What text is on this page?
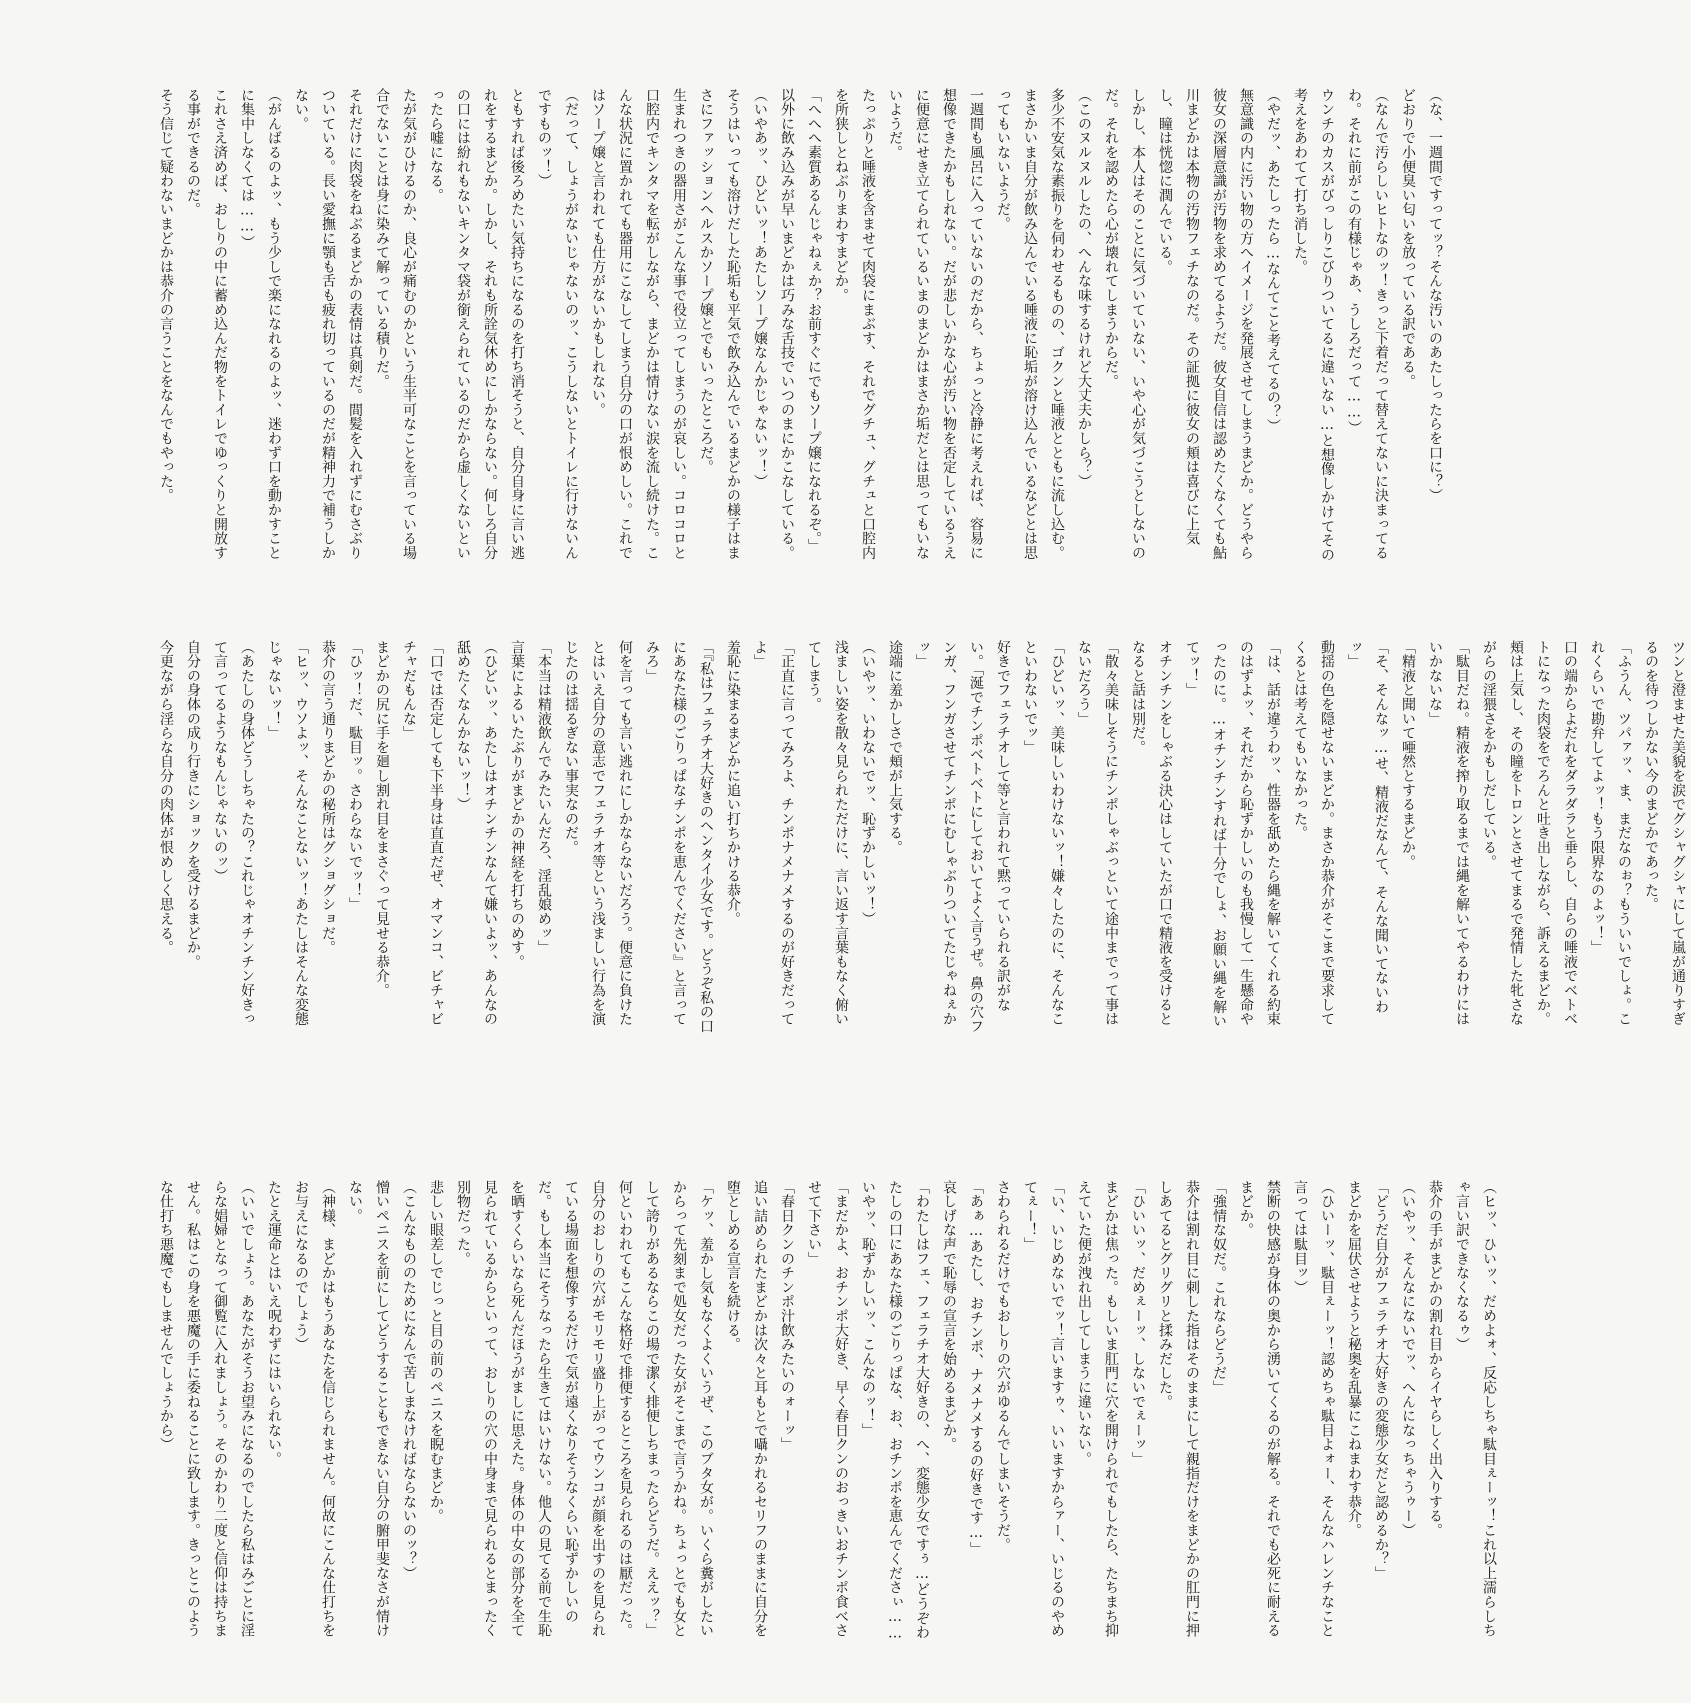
（な、一週間ですってッ？そんな汚いのあたしったらを口に？）
どおりで小便臭い匂いを放っている訳である。
（なんで汚らしいヒトなのッ！きっと下着だって替えてないに決まってるわ。それに前がこの有様じゃあ、うしろだって……）
ウンチのカスがびっしりこびりついてるに違いない…と想像しかけてその考えをあわてて打ち消した。
（やだッ、あたしったら…なんてこと考えてるの？）
無意識の内に汚い物の方へイメージを発展させてしまうまどか。どうやら彼女の深層意識が汚物を求めてるようだ。彼女自信は認めたくなくても鮎川まどかは本物の汚物フェチなのだ。その証拠に彼女の頬は喜びに上気し、瞳は恍惚に潤んでいる。
しかし、本人はそのことに気づいていない、いや心が気づこうとしないのだ。それを認めたら心が壊れてしまうからだ。
（このヌルヌルしたの、へんな味するけれど大丈夫かしら？）
多少不安気な素振りを伺わせるものの、ゴクンと唾液とともに流し込む。まさかいま自分が飲み込んでいる唾液に恥垢が溶け込んでいるなどとは思ってもいないようだ。
一週間も風呂に入っていないのだから、ちょっと冷静に考えれば、容易に想像できたかもしれない。だが悲しいかな心が汚い物を否定しているうえに便意にせき立てられているいまのまどかはまさか垢だとは思ってもいないようだ。
たっぷりと唾液を含ませて肉袋にまぶす、それでグチュ、グチュと口腔内を所狭しとねぶりまわすまどか。
「へへへ素質あるんじゃねぇか？お前すぐにでもソープ嬢になれるぞ。」
以外に飲み込みが早いまどかは巧みな舌技でいつのまにかこなしている。
（いやあッ、ひどいッ！あたしソープ嬢なんかじゃないッ！）
そうはいっても溶けだした恥垢も平気で飲み込んでいるまどかの様子はまさにファッションヘルスかソープ嬢とでもいったところだ。
生まれつきの器用さがこんな事で役立ってしまうのが哀しい。コロコロと口腔内でキンタマを転がしながら、まどかは情けない涙を流し続けた。こんな状況に置かれても器用にこなしてしまう自分の口が恨めしい。これではソープ嬢と言われても仕方がないかもしれない。
（だって、しょうがないじゃないのッ、こうしないとトイレに行けないんですものッ！）
ともすれば後ろめたい気持ちになるのを打ち消そうと、自分自身に言い逃れをするまどか。しかし、それも所詮気休めにしかならない。何しろ自分の口には紛れもないキンタマ袋が銜えられているのだから虚しくないといったら嘘になる。
たが気がひけるのか、良心が痛むのかという生半可なことを言っている場合でないことは身に染みて解っている積りだ。
それだけに肉袋をねぶるまどかの表情は真剣だ。間髪を入れずにむさぶりついている。長い愛撫に顎も舌も疲れ切っているのだが精神力で補うしかない。
（がんばるのよッ、もう少しで楽になれるのよッ、迷わず口を動かすことに集中しなくては……）
これさえ済めば、おしりの中に蓄め込んだ物をトイレでゆっくりと開放する事ができるのだ。
そう信じて疑わないまどかは恭介の言うことをなんでもやった。
ツンと澄ませた美貌を涙でグシャグシャにして嵐が通りすぎるのを待つしかない今のまどかであった。
「ふうん、ツパァッ、ま、まだなのぉ？もういいでしょ。これくらいで勘弁してよッ！もう限界なのよッ！」
口の端からよだれをダラダラと垂らし、自らの唾液でベトベトになった肉袋をでろんと吐き出しながら、訴えるまどか。頬は上気し、その瞳をトロンとさせてまるで発情した牝さながらの淫猥さをかもしだしている。
「駄目だね。精液を搾り取るまでは縄を解いてやるわけにはいかないな」
「精液と聞いて唖然とするまどか。
「そ、そんなッ…せ、精液だなんて、そんな聞いてないわッ」
動揺の色を隠せないまどか。まさか恭介がそこまで要求してくるとは考えてもいなかった。
「は、話が違うわッ、性器を舐めたら縄を解いてくれる約束のはずよッ、それだから恥ずかしいのも我慢して一生懸命やったのに。…オチンチンすれば十分でしょ、お願い縄を解いてッ！」
オチンチンをしゃぶる決心はしていたが口で精液を受けるとなると話は別だ。
「散々美味しそうにチンポしゃぶっといて途中までって事はないだろう」
「ひどいッ、美味しいわけないッ！嫌々したのに、そんなこといわないでッ」
好きでフェラチオして等と言われて黙っていられる訳がない。「涎でチンポベトベトにしておいてよく言うぜ。鼻の穴フンガ、フンガさせてチンポにむしゃぶりついてたじゃねぇかッ」
途端に羞かしさで頬が上気する。
（いやッ、いわないでッ、恥ずかしいッ！）
浅ましい姿を散々見られただけに、言い返す言葉もなく俯いてしまう。
「正直に言ってみろよ、チンポナメナメするのが好きだってよ」
羞恥に染まるまどかに追い打ちかける恭介。
「『私はフェラチオ大好きのヘンタイ少女です。どうぞ私の口にあなた様のごりっぱなチンポを恵んでください』と言ってみろ」
何を言っても言い逃れにしかならないだろう。便意に負けたとはいえ自分の意志でフェラチオ等という浅ましい行為を演じたのは揺るぎない事実なのだ。
「本当は精液飲んでみたいんだろ、淫乱娘めッ」
言葉によるいたぶりがまどかの神経を打ちのめす。
（ひどいッ、あたしはオチンチンなんて嫌いよッ、あんなの舐めたくなんかないッ！）
「口では否定しても下半身は直直だぜ、オマンコ、ビチャビチャだもんな」
まどかの尻に手を廻し割れ目をまさぐって見せる恭介。
「ひッ！だ、駄目ッ。さわらないでッ！」
恭介の言う通りまどかの秘所はグショグショだ。
「ヒッ、ウソよッ、そんなことないッ！あたしはそんな変態じゃないッ！」
（あたしの身体どうしちゃたの？これじゃオチンチン好きって言ってるようなもんじゃないのッ）
自分の身体の成り行きにショックを受けるまどか。
今更ながら淫らな自分の肉体が恨めしく思える。
（ヒッ、ひいッ、だめよォ、反応しちゃ駄目ぇーッ！これ以上濡らしちゃ言い訳できなくなるゥ）
恭介の手がまどかの割れ目からイヤらしく出入りする。
（いやッ、そんなにないでッ、へんになっちゃうゥー）
「どうだ自分がフェラチオ大好きの変態少女だと認めるか？」
まどかを屈伏させようと秘奥を乱暴にこねまわす恭介。
（ひいーッ、駄目ぇーッ！認めちゃ駄目よォー、そんなハレンチなこと言っては駄目ッ）
禁断の快感が身体の奥から湧いてくるのが解る。それでも必死に耐えるまどか。
「強情な奴だ。これならどうだ」
恭介は割れ目に刺した指はそのままにして親指だけをまどかの肛門に押しあてるとグリグリと揉みだした。
「ひいいッ、だめぇーッ、しないでぇーッ」
まどかは焦った。もしいま肛門に穴を開けられでもしたら、たちまち抑えていた便が洩れ出してしまうに違いない。
「い、いじめないでッ！言いますゥ、いいますからァー、いじるのやめてぇー！」
さわられるだけでもおしりの穴がゆるんでしまいそうだ。
「あぁ…あたし、おチンポ、ナメナメするの好きです…」
哀しげな声で恥辱の宣言を始めるまどか。
「わたしはフェ、フェラチオ大好きの、へ、変態少女ですぅ…どうぞわたしの口にあなた様のごりっぱな、お、おチンポを恵んでくださぃ……いやッ、恥ずかしいッ、こんなのッ！」
「まだかよ、おチンポ大好き、早く春日クンのおっきいおチンポ食べさせて下さい」
「春日クンのチンポ汁飲みたいのォーッ」
追い詰められたまどかは次々と耳もとで囁かれるセリフのままに自分を堕としめる宣言を続ける。
「ケッ、羞かし気もなくよくいうぜ、このブタ女が。いくら糞がしたいからって先刻まで処女だった女がそこまで言うかね。ちょっとでも女として誇りがあるならこの場で潔く排便しちまったらどうだ。ええッ？」
何といわれてもこんな格好で排便するところを見られるのは厭だった。自分のおしりの穴がモリモリ盛り上がってウンコが顔を出すのを見られている場面を想像するだけで気が遠くなりそうなくらい恥ずかしいのだ。もし本当にそうなったら生きてはいけない。他人の見てる前で生恥を晒すくらいなら死んだほうがましに思えた。身体の中女の部分を全て見られているからといって、おしりの穴の中身まで見られるとまったく別物だった。
悲しい眼差しでじっと目の前のペニスを睨むまどか。
（こんなもののためになんで苦しまなければならないのッ？）
憎いペニスを前にしてどうすることもできない自分の腑甲斐なさが情けない。
（神様、まどかはもうあなたを信じられません。何故にこんな仕打ちをお与えになるのでしょう）
たとえ運命とはいえ呪わずにはいられない。
（いいでしょう。あなたがそうお望みになるのでしたら私はみごとに淫らな娼婦となって御覧に入れましょう。そのかわり二度と信仰は持ちません。私はこの身を悪魔の手に委ねることに致します。きっとこのような仕打ち悪魔でもしませんでしょうから）
